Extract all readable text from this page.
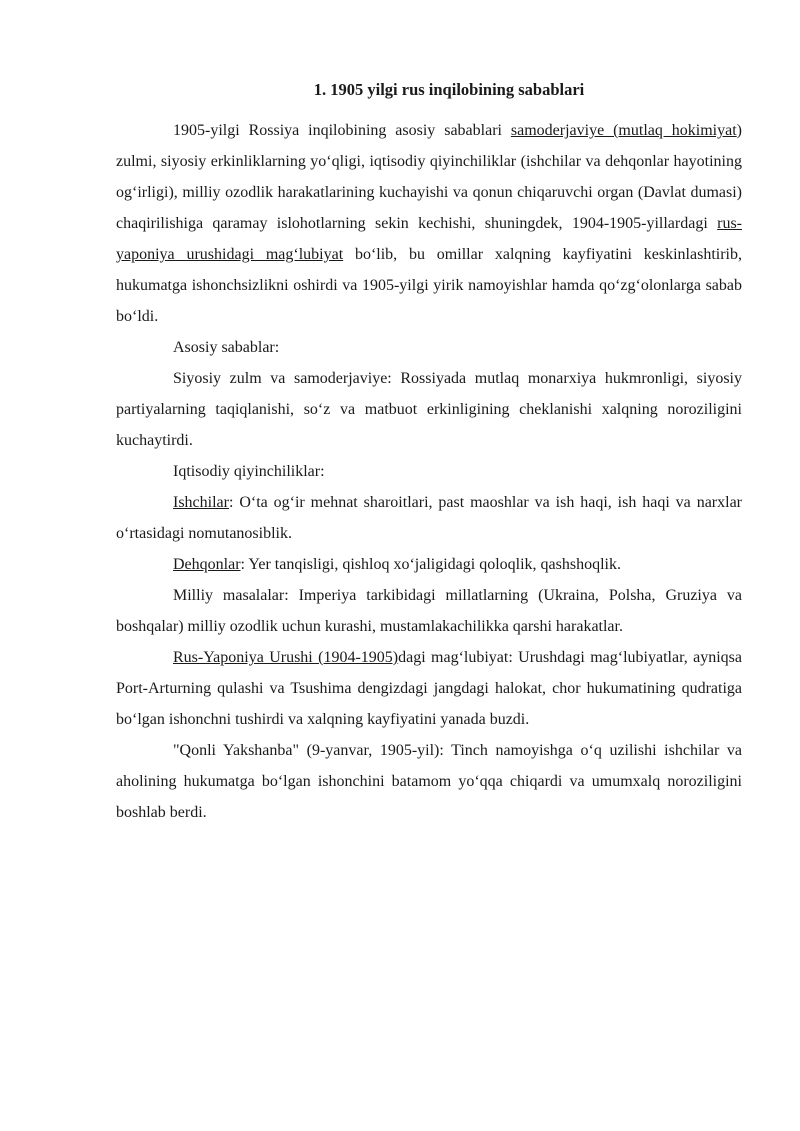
1. 1905 yilgi rus inqilobining sabablari

1905-yilgi Rossiya inqilobining asosiy sabablari samoderjaviye (mutlaq hokimiyat) zulmi, siyosiy erkinliklarning yo‘qligi, iqtisodiy qiyinchiliklar (ishchilar va dehqonlar hayotining og‘irligi), milliy ozodlik harakatlarining kuchayishi va qonun chiqaruvchi organ (Davlat dumasi) chaqirilishiga qaramay islohotlarning sekin kechishi, shuningdek, 1904-1905-yillardagi rus-yaponiya urushidagi mag‘lubiyat bo‘lib, bu omillar xalqning kayfiyatini keskinlashtirib, hukumatga ishonchsizlikni oshirdi va 1905-yilgi yirik namoyishlar hamda qo‘zg‘olonlarga sabab bo‘ldi.

Asosiy sabablar:

Siyosiy zulm va samoderjaviye: Rossiyada mutlaq monarxiya hukmronligi, siyosiy partiyalarning taqiqlanishi, so‘z va matbuot erkinligining cheklanishi xalqning noroziligini kuchaytirdi.

Iqtisodiy qiyinchiliklar:

Ishchilar: O‘ta og‘ir mehnat sharoitlari, past maoshlar va ish haqi, ish haqi va narxlar o‘rtasidagi nomutanosiblik.

Dehqonlar: Yer tanqisligi, qishloq xo‘jaligidagi qoloqlik, qashshoqlik.

Milliy masalalar: Imperiya tarkibidagi millatlarning (Ukraina, Polsha, Gruziya va boshqalar) milliy ozodlik uchun kurashi, mustamlakachilikka qarshi harakatlar.

Rus-Yaponiya Urushi (1904-1905)dagi mag‘lubiyat: Urushdagi mag‘lubiyatlar, ayniqsa Port-Arturning qulashi va Tsushima dengizdagi jangdagi halokat, chor hukumatining qudratiga bo‘lgan ishonchni tushirdi va xalqning kayfiyatini yanada buzdi.

"Qonli Yakshanba" (9-yanvar, 1905-yil): Tinch namoyishga o‘q uzilishi ishchilar va aholining hukumatga bo‘lgan ishonchini batamom yo‘qqa chiqardi va umumxalq noroziligini boshlab berdi.
